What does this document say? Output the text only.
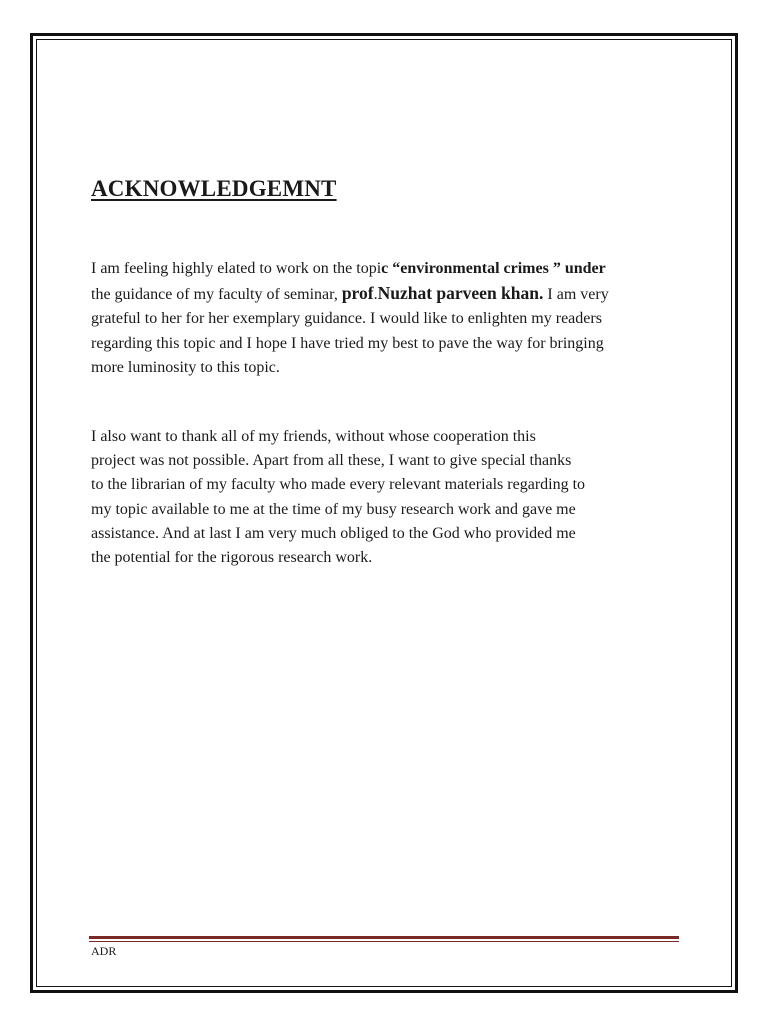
ACKNOWLEDGEMNT

I am feeling highly elated to work on the topic “environmental crimes ” under
the guidance of my faculty of seminar, prof.Nuzhat parveen khan. I am very
grateful to her for her exemplary guidance. I would like to enlighten my readers
regarding this topic and I hope I have tried my best to pave the way for bringing
more luminosity to this topic.

I also want to thank all of my friends, without whose cooperation this
project was not possible. Apart from all these, I want to give special thanks
to the librarian of my faculty who made every relevant materials regarding to
my topic available to me at the time of my busy research work and gave me
assistance. And at last I am very much obliged to the God who provided me
the potential for the rigorous research work.

ADR
